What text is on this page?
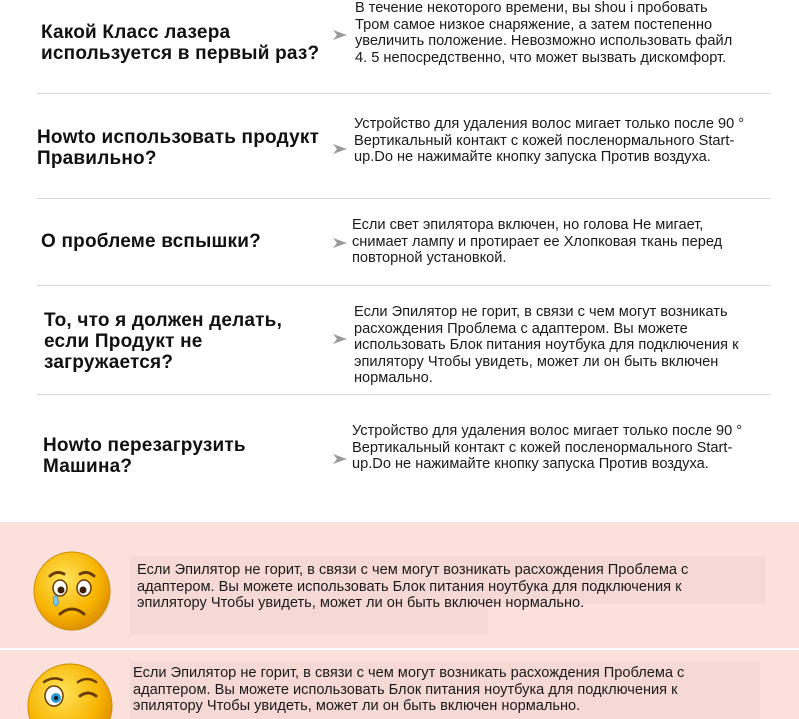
Какой Класс лазера используется в первый раз?
В течение некоторого времени, вы shou i пробовать Тром самое низкое снаряжение, а затем постепенно увеличить положение. Невозможно использовать файл 4. 5 непосредственно, что может вызвать дискомфорт.
Howto использовать продукт Правильно?
Устройство для удаления волос мигает только после 90 ° Вертикальный контакт с кожей посленормального Start-up.Do не нажимайте кнопку запуска Против воздуха.
О проблеме вспышки?
Если свет эпилятора включен, но голова Не мигает, снимает лампу и протирает ее Хлопковая ткань перед повторной установкой.
То, что я должен делать, если Продукт не загружается?
Если Эпилятор не горит, в связи с чем могут возникать расхождения Проблема с адаптером. Вы можете использовать Блок питания ноутбука для подключения к эпилятору Чтобы увидеть, может ли он быть включен нормально.
Howto перезагрузить Машина?
Устройство для удаления волос мигает только после 90 ° Вертикальный контакт с кожей посленормального Start-up.Do не нажимайте кнопку запуска Против воздуха.
Если Эпилятор не горит, в связи с чем могут возникать расхождения Проблема с адаптером. Вы можете использовать Блок питания ноутбука для подключения к эпилятору Чтобы увидеть, может ли он быть включен нормально.
Если Эпилятор не горит, в связи с чем могут возникать расхождения Проблема с адаптером. Вы можете использовать Блок питания ноутбука для подключения к эпилятору Чтобы увидеть, может ли он быть включен нормально.
